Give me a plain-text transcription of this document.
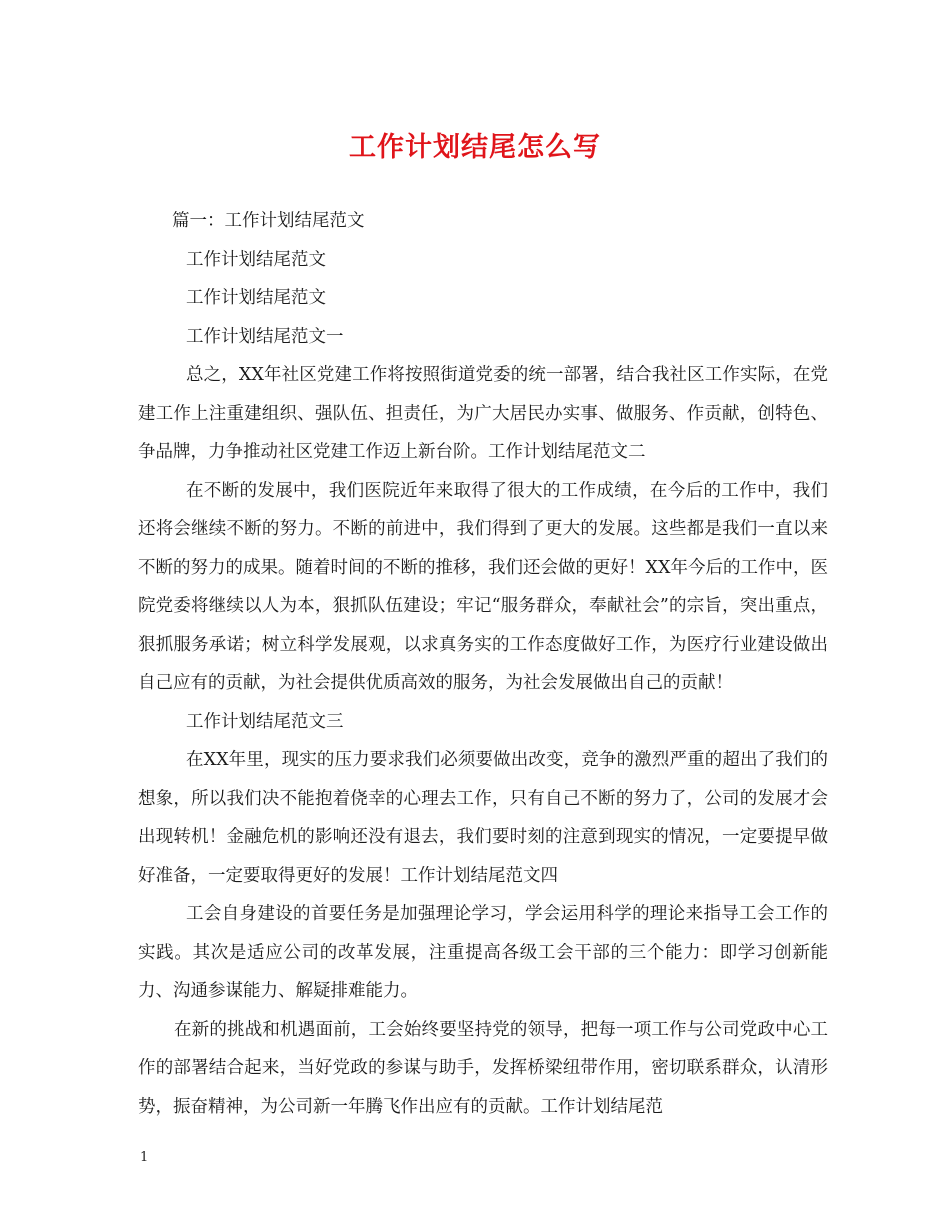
工作计划结尾怎么写

篇一：工作计划结尾范文

工作计划结尾范文

工作计划结尾范文

工作计划结尾范文一

总之，XX年社区党建工作将按照街道党委的统一部署，结合我社区工作实际，在党建工作上注重建组织、强队伍、担责任，为广大居民办实事、做服务、作贡献，创特色、争品牌，力争推动社区党建工作迈上新台阶。工作计划结尾范文二

在不断的发展中，我们医院近年来取得了很大的工作成绩，在今后的工作中，我们还将会继续不断的努力。不断的前进中，我们得到了更大的发展。这些都是我们一直以来不断的努力的成果。随着时间的不断的推移，我们还会做的更好！XX年今后的工作中，医院党委将继续以人为本，狠抓队伍建设；牢记“服务群众，奉献社会”的宗旨，突出重点，狠抓服务承诺；树立科学发展观，以求真务实的工作态度做好工作，为医疗行业建设做出自己应有的贡献，为社会提供优质高效的服务，为社会发展做出自己的贡献！

工作计划结尾范文三

在XX年里，现实的压力要求我们必须要做出改变，竞争的激烈严重的超出了我们的想象，所以我们决不能抱着侥幸的心理去工作，只有自己不断的努力了，公司的发展才会出现转机！金融危机的影响还没有退去，我们要时刻的注意到现实的情况，一定要提早做好准备，一定要取得更好的发展！工作计划结尾范文四

工会自身建设的首要任务是加强理论学习，学会运用科学的理论来指导工会工作的实践。其次是适应公司的改革发展，注重提高各级工会干部的三个能力：即学习创新能力、沟通参谋能力、解疑排难能力。

在新的挑战和机遇面前，工会始终要坚持党的领导，把每一项工作与公司党政中心工作的部署结合起来，当好党政的参谋与助手，发挥桥梁纽带作用，密切联系群众，认清形势，振奋精神，为公司新一年腾飞作出应有的贡献。工作计划结尾范

1
